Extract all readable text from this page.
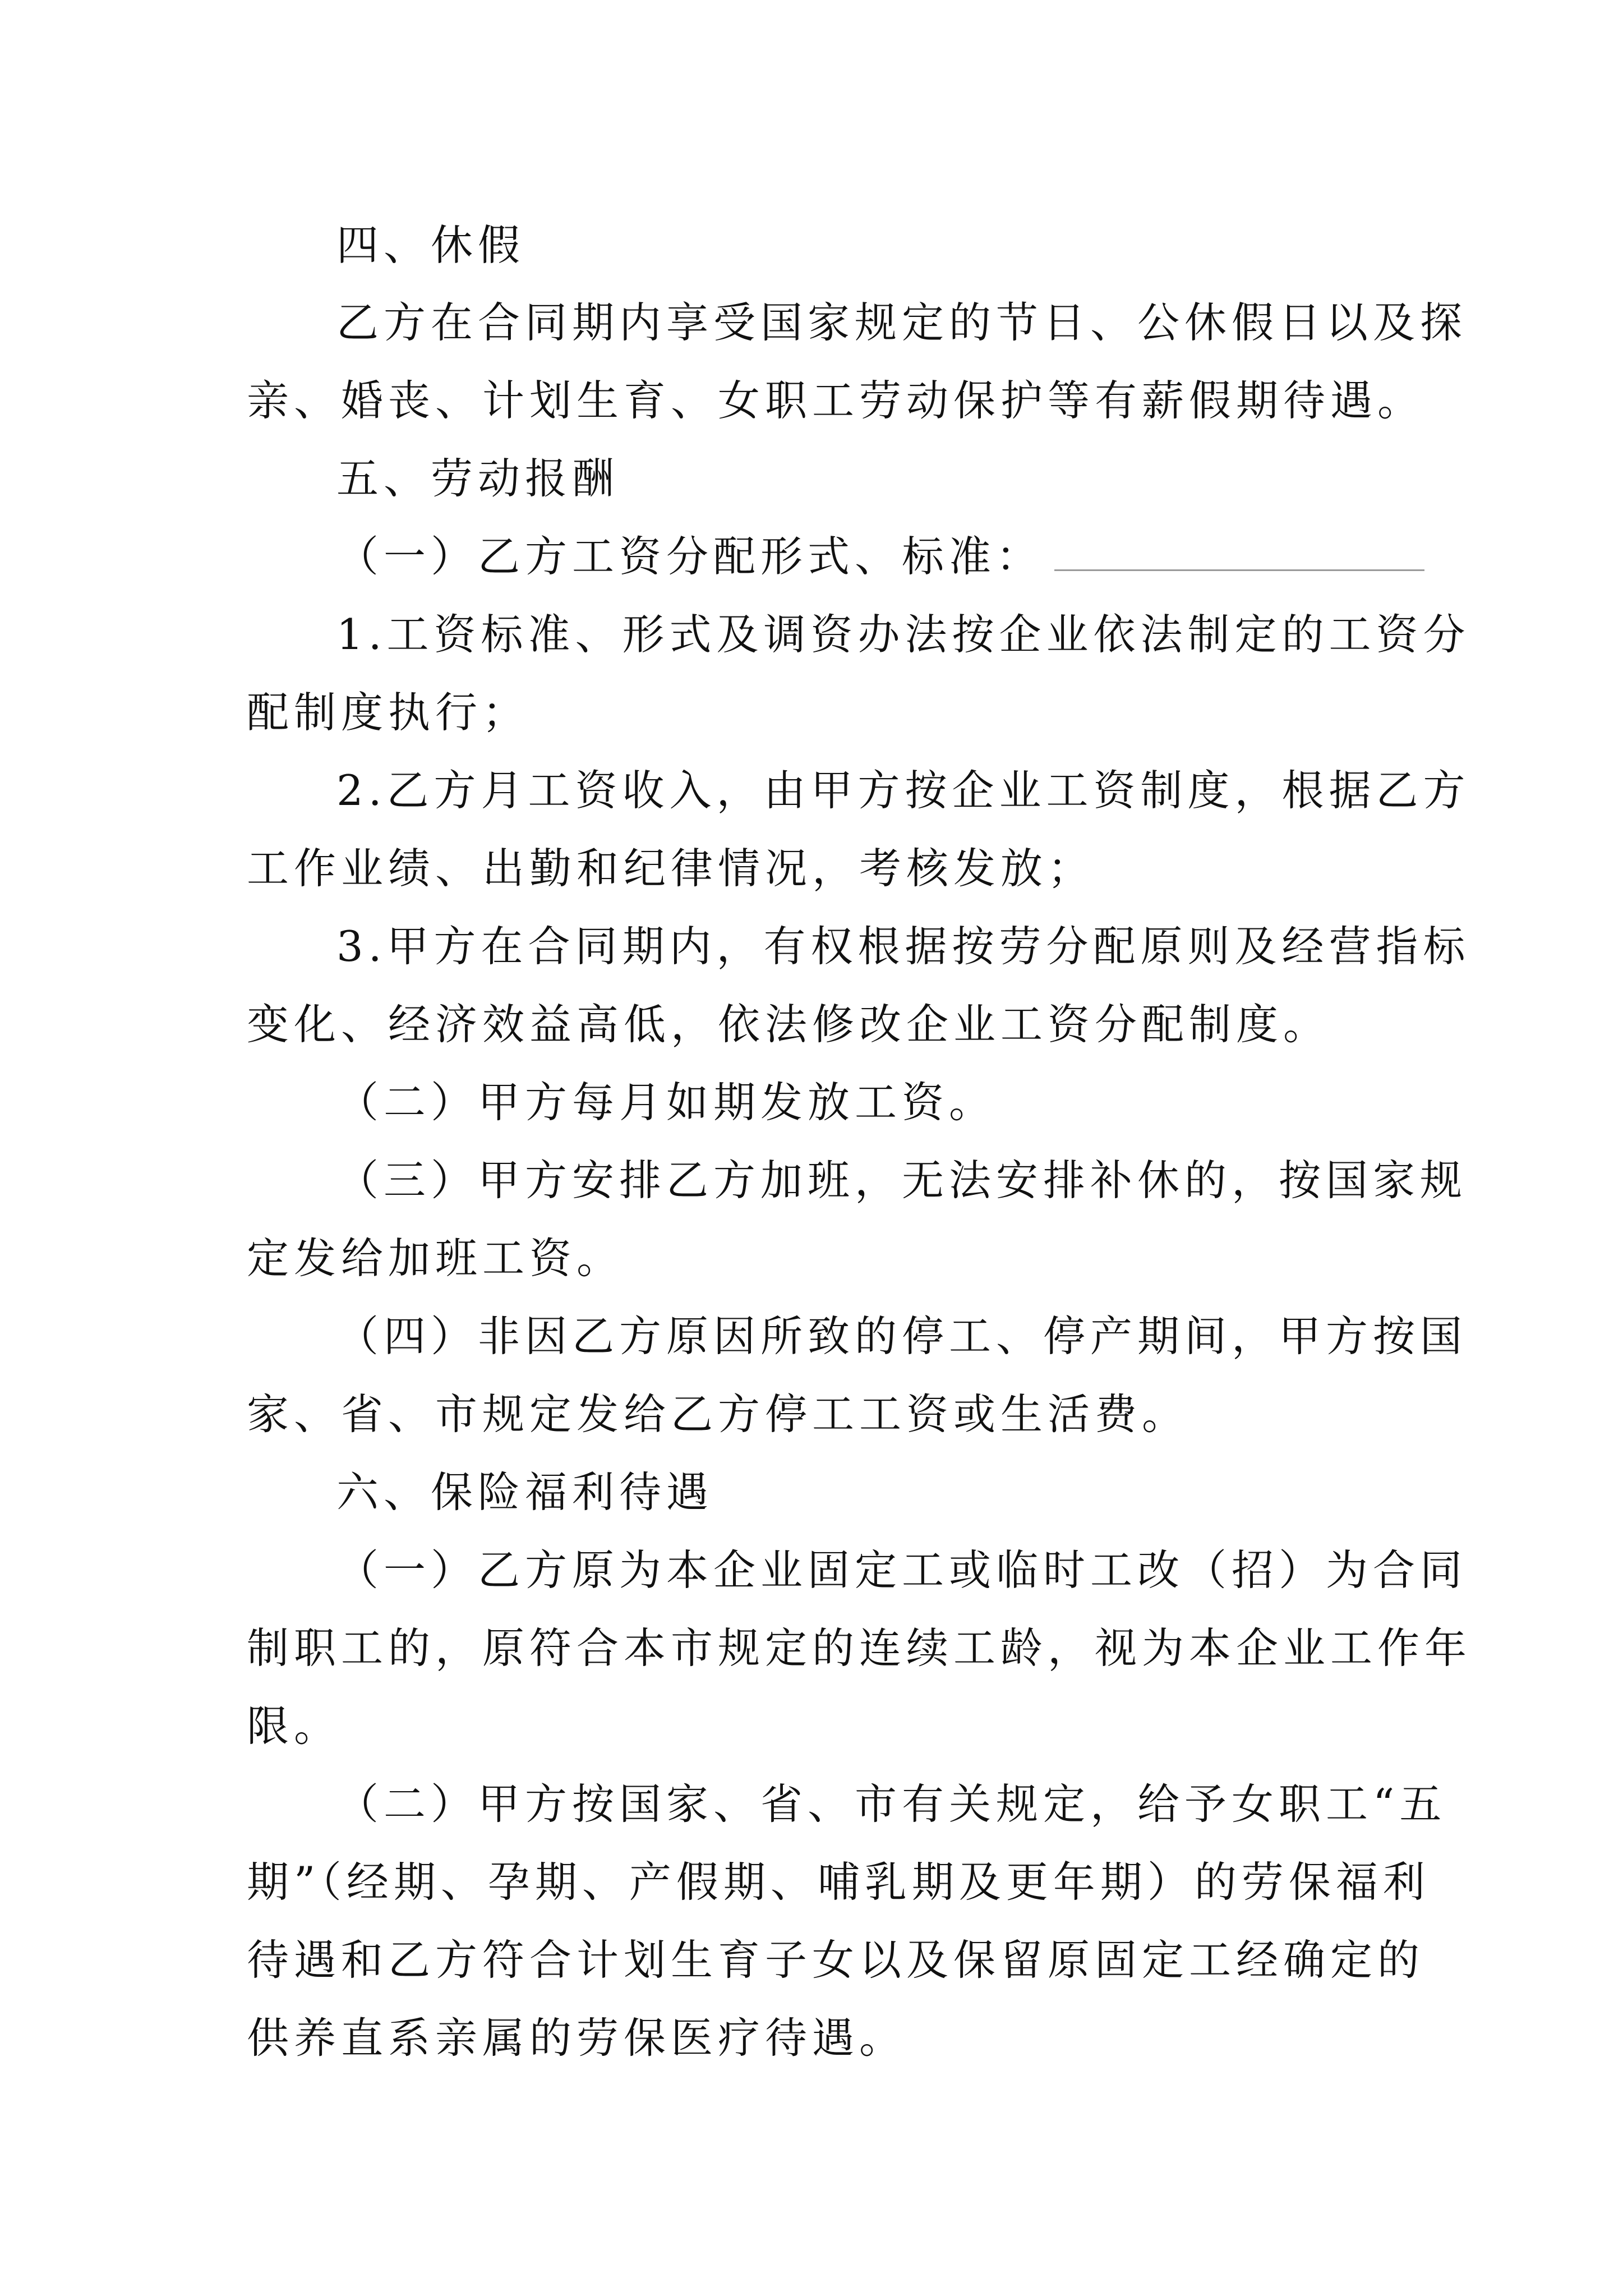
四、休假
乙方在合同期内享受国家规定的节日、公休假日以及探
亲、婚丧、计划生育、女职工劳动保护等有薪假期待遇。
五、劳动报酬
（一）乙方工资分配形式、标准：
1.工资标准、形式及调资办法按企业依法制定的工资分
配制度执行；
2.乙方月工资收入，由甲方按企业工资制度，根据乙方
工作业绩、出勤和纪律情况，考核发放；
3.甲方在合同期内，有权根据按劳分配原则及经营指标
变化、经济效益高低，依法修改企业工资分配制度。
（二）甲方每月如期发放工资。
（三）甲方安排乙方加班，无法安排补休的，按国家规
定发给加班工资。
（四）非因乙方原因所致的停工、停产期间，甲方按国
家、省、市规定发给乙方停工工资或生活费。
六、保险福利待遇
（一）乙方原为本企业固定工或临时工改（招）为合同
制职工的，原符合本市规定的连续工龄，视为本企业工作年
限。
（二）甲方按国家、省、市有关规定，给予女职工“五
期”（经期、孕期、产假期、哺乳期及更年期）的劳保福利
待遇和乙方符合计划生育子女以及保留原固定工经确定的
供养直系亲属的劳保医疗待遇。
